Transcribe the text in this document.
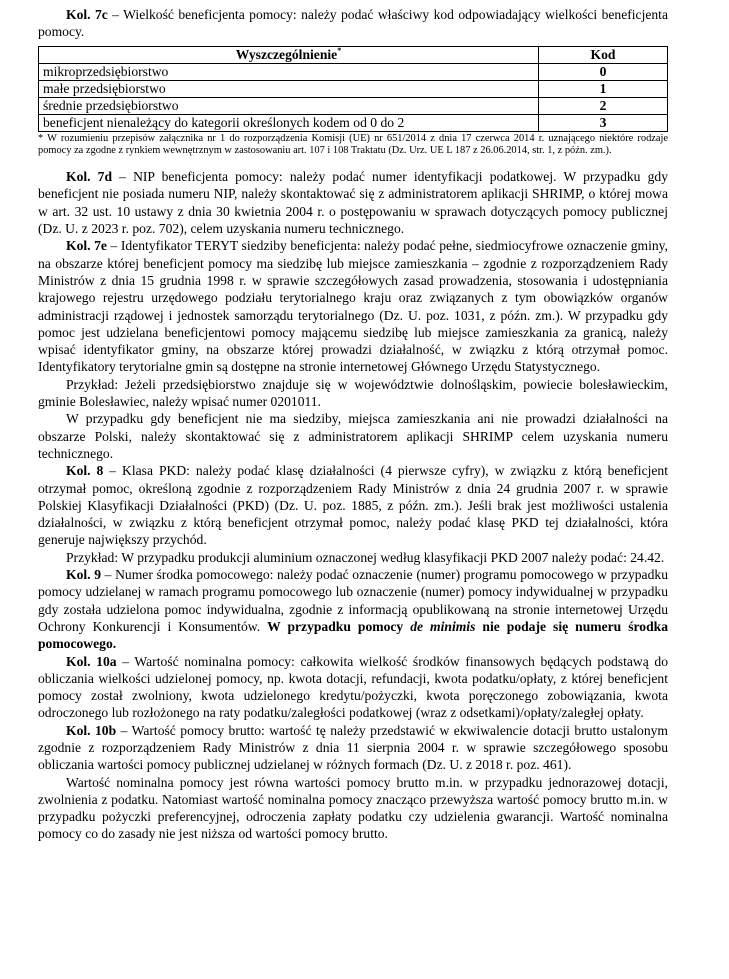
Kol. 7c – Wielkość beneficjenta pomocy: należy podać właściwy kod odpowiadający wielkości beneficjenta pomocy.

Wyszczególnienie*	Kod
mikroprzedsiębiorstwo	0
małe przedsiębiorstwo	1
średnie przedsiębiorstwo	2
beneficjent nienależący do kategorii określonych kodem od 0 do 2	3

* W rozumieniu przepisów załącznika nr 1 do rozporządzenia Komisji (UE) nr 651/2014 z dnia 17 czerwca 2014 r. uznającego niektóre rodzaje pomocy za zgodne z rynkiem wewnętrznym w zastosowaniu art. 107 i 108 Traktatu (Dz. Urz. UE L 187 z 26.06.2014, str. 1, z późn. zm.).

Kol. 7d – NIP beneficjenta pomocy: należy podać numer identyfikacji podatkowej. W przypadku gdy beneficjent nie posiada numeru NIP, należy skontaktować się z administratorem aplikacji SHRIMP, o której mowa w art. 32 ust. 10 ustawy z dnia 30 kwietnia 2004 r. o postępowaniu w sprawach dotyczących pomocy publicznej (Dz. U. z 2023 r. poz. 702), celem uzyskania numeru technicznego.

Kol. 7e – Identyfikator TERYT siedziby beneficjenta: należy podać pełne, siedmiocyfrowe oznaczenie gminy, na obszarze której beneficjent pomocy ma siedzibę lub miejsce zamieszkania – zgodnie z rozporządzeniem Rady Ministrów z dnia 15 grudnia 1998 r. w sprawie szczegółowych zasad prowadzenia, stosowania i udostępniania krajowego rejestru urzędowego podziału terytorialnego kraju oraz związanych z tym obowiązków organów administracji rządowej i jednostek samorządu terytorialnego (Dz. U. poz. 1031, z późn. zm.). W przypadku gdy pomoc jest udzielana beneficjentowi pomocy mającemu siedzibę lub miejsce zamieszkania za granicą, należy wpisać identyfikator gminy, na obszarze której prowadzi działalność, w związku z którą otrzymał pomoc. Identyfikatory terytorialne gmin są dostępne na stronie internetowej Głównego Urzędu Statystycznego.

Przykład: Jeżeli przedsiębiorstwo znajduje się w województwie dolnośląskim, powiecie bolesławieckim, gminie Bolesławiec, należy wpisać numer 0201011.

W przypadku gdy beneficjent nie ma siedziby, miejsca zamieszkania ani nie prowadzi działalności na obszarze Polski, należy skontaktować się z administratorem aplikacji SHRIMP celem uzyskania numeru technicznego.

Kol. 8 – Klasa PKD: należy podać klasę działalności (4 pierwsze cyfry), w związku z którą beneficjent otrzymał pomoc, określoną zgodnie z rozporządzeniem Rady Ministrów z dnia 24 grudnia 2007 r. w sprawie Polskiej Klasyfikacji Działalności (PKD) (Dz. U. poz. 1885, z późn. zm.). Jeśli brak jest możliwości ustalenia działalności, w związku z którą beneficjent otrzymał pomoc, należy podać klasę PKD tej działalności, która generuje największy przychód.

Przykład: W przypadku produkcji aluminium oznaczonej według klasyfikacji PKD 2007 należy podać: 24.42.

Kol. 9 – Numer środka pomocowego: należy podać oznaczenie (numer) programu pomocowego w przypadku pomocy udzielanej w ramach programu pomocowego lub oznaczenie (numer) pomocy indywidualnej w przypadku gdy została udzielona pomoc indywidualna, zgodnie z informacją opublikowaną na stronie internetowej Urzędu Ochrony Konkurencji i Konsumentów. W przypadku pomocy de minimis nie podaje się numeru środka pomocowego.

Kol. 10a – Wartość nominalna pomocy: całkowita wielkość środków finansowych będących podstawą do obliczania wielkości udzielonej pomocy, np. kwota dotacji, refundacji, kwota podatku/opłaty, z której beneficjent pomocy został zwolniony, kwota udzielonego kredytu/pożyczki, kwota poręczonego zobowiązania, kwota odroczonego lub rozłożonego na raty podatku/zaległości podatkowej (wraz z odsetkami)/opłaty/zaległej opłaty.

Kol. 10b – Wartość pomocy brutto: wartość tę należy przedstawić w ekwiwalencie dotacji brutto ustalonym zgodnie z rozporządzeniem Rady Ministrów z dnia 11 sierpnia 2004 r. w sprawie szczegółowego sposobu obliczania wartości pomocy publicznej udzielanej w różnych formach (Dz. U. z 2018 r. poz. 461).

Wartość nominalna pomocy jest równa wartości pomocy brutto m.in. w przypadku jednorazowej dotacji, zwolnienia z podatku. Natomiast wartość nominalna pomocy znacząco przewyższa wartość pomocy brutto m.in. w przypadku pożyczki preferencyjnej, odroczenia zapłaty podatku czy udzielenia gwarancji. Wartość nominalna pomocy co do zasady nie jest niższa od wartości pomocy brutto.
